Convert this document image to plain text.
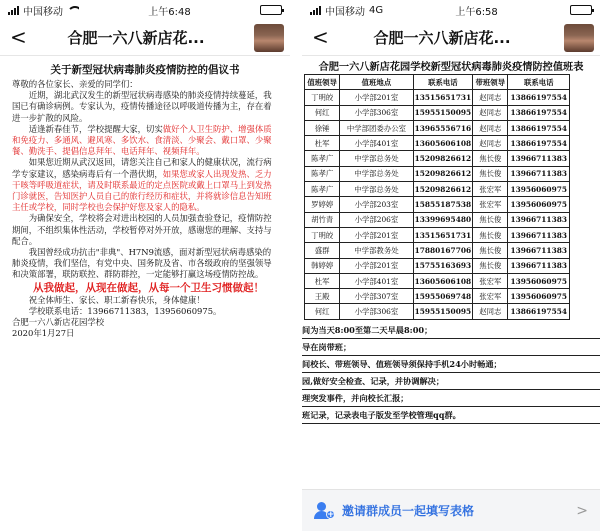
中国移动	上午6:48
<	合肥一六八新店花...
关于新型冠状病毒肺炎疫情防控的倡议书

尊敬的各位家长、亲爱的同学们：

近期，湖北武汉发生的新型冠状病毒感染的肺炎疫情持续蔓延，我国已有确诊病例。专家认为，疫情传播途径以呼吸道传播为主，存在着进一步扩散的风险。

适逢新春佳节，学校提醒大家，切实做好个人卫生防护、增强体质和免疫力、多通风、避风寒、多饮水、食清淡、少聚会、戴口罩、少聚餐、勤洗手、提倡信息拜年、电话拜年、视频拜年。

如果您近期从武汉返回，请您关注自己和家人的健康状况，流行病学专家建议，感染病毒后有一个潜伏期，如果您或家人出现发热、乏力干咳等呼吸道症状，请及时联系最近的定点医院或戴上口罩马上到发热门诊就医，告知医护人员自己的旅行经历和症状，并将就诊信息告知班主任或学校，同时学校也会保护好您及家人的隐私。

为确保安全，学校将会对进出校园的人员加强查验登记，疫情防控期间，不组织集体性活动，学校暂停对外开放，感谢您的理解、支持与配合。

我国曾经成功抗击"非典"、H7N9流感，面对新型冠状病毒感染的肺炎疫情，我们坚信，有党中央、国务院及省、市各级政府的坚强领导和决策部署，联防联控、群防群控，一定能够打赢这场疫情防控战。

从我做起，从现在做起，从每一个卫生习惯做起！

祝全体师生、家长、职工新春快乐，身体健康！

学校联系电话：13966711383，13956060975。

合肥一六八新店花园学校

2020年1月27日

中国移动 4G	上午6:58
<	合肥一六八新店花...
合肥一六八新店花园学校新型冠状病毒肺炎疫情防控值班表
值班领导	值班地点	联系电话	带班领导	联系电话
丁明皎	小学部201室	13515651731	赵同志	13866197554
何红	小学部306室	15955150095	赵同志	13866197554
徐锤	中学部团委办公室	13965556716	赵同志	13866197554
杜军	小学部401室	13605606108	赵同志	13866197554
陈孝广	中学部总务处	15209826612	焦长俊	13966711383
陈孝广	中学部总务处	15209826612	焦长俊	13966711383
陈孝广	中学部总务处	15209826612	张宏军	13956060975
罗婷婷	小学部203室	15855187538	张宏军	13956060975
胡竹青	小学部206室	13399695480	焦长俊	13966711383
丁明皎	小学部201室	13515651731	焦长俊	13966711383
盛群	中学部教务处	17880167706	焦长俊	13966711383
韩婷婷	小学部201室	15755163693	焦长俊	13966711383
杜军	小学部401室	13605606108	张宏军	13956060975
王殿	小学部307室	15955069748	张宏军	13956060975
何红	小学部306室	15955150095	赵同志	13866197554
间为当天8:00至第二天早晨8:00；
导在岗带班；
间校长、带班领导、值班领导须保持手机24小时畅通；
园,做好安全检查、记录，并协调解决；
理突发事件，并向校长汇报；
班记录，记录表电子版发至学校管理qq群。
+ 邀请群成员一起填写表格	>
